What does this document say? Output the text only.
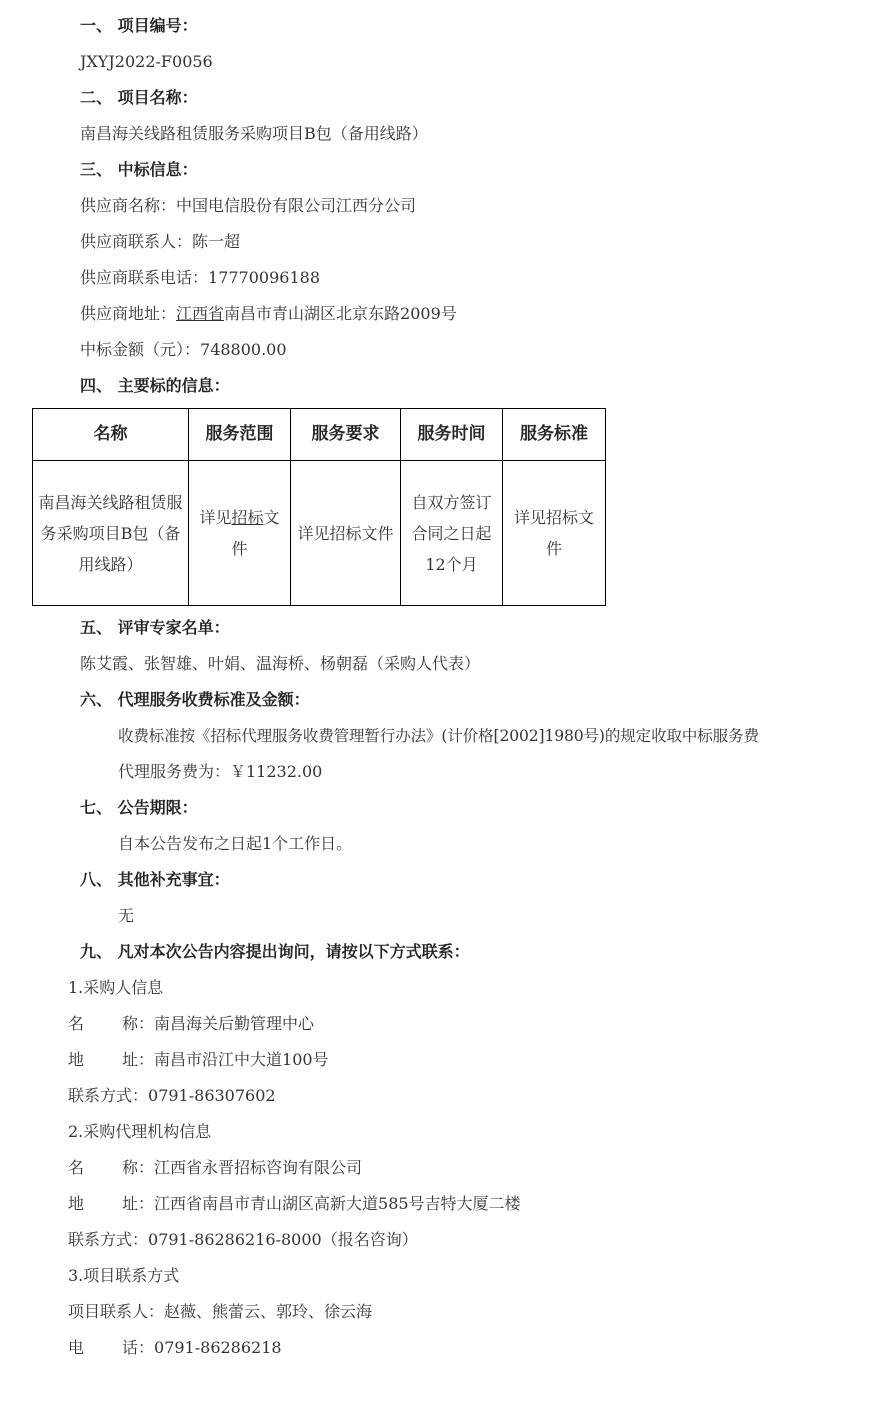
一、 项目编号：
JXYJ2022-F0056
二、 项目名称：
南昌海关线路租赁服务采购项目B包（备用线路）
三、 中标信息：
供应商名称：中国电信股份有限公司江西分公司
供应商联系人：陈一超
供应商联系电话：17770096188
供应商地址：江西省南昌市青山湖区北京东路2009号
中标金额（元）：748800.00
四、 主要标的信息：
名称	服务范围	服务要求	服务时间	服务标准
南昌海关线路租赁服务采购项目B包（备用线路）	详见招标文件	详见招标文件	自双方签订合同之日起12个月	详见招标文件
五、 评审专家名单：
陈艾霞、张智雄、叶娟、温海桥、杨朝磊（采购人代表）
六、 代理服务收费标准及金额：
收费标准按《招标代理服务收费管理暂行办法》(计价格[2002]1980号)的规定收取中标服务费
代理服务费为：￥11232.00
七、 公告期限：
自本公告发布之日起1个工作日。
八、 其他补充事宜：
无
九、 凡对本次公告内容提出询问，请按以下方式联系：
1.采购人信息
名 称：南昌海关后勤管理中心
地 址：南昌市沿江中大道100号
联系方式：0791-86307602
2.采购代理机构信息
名 称：江西省永晋招标咨询有限公司
地 址：江西省南昌市青山湖区高新大道585号吉特大厦二楼
联系方式：0791-86286216-8000（报名咨询）
3.项目联系方式
项目联系人：赵薇、熊蕾云、郭玲、徐云海
电 话：0791-86286218
